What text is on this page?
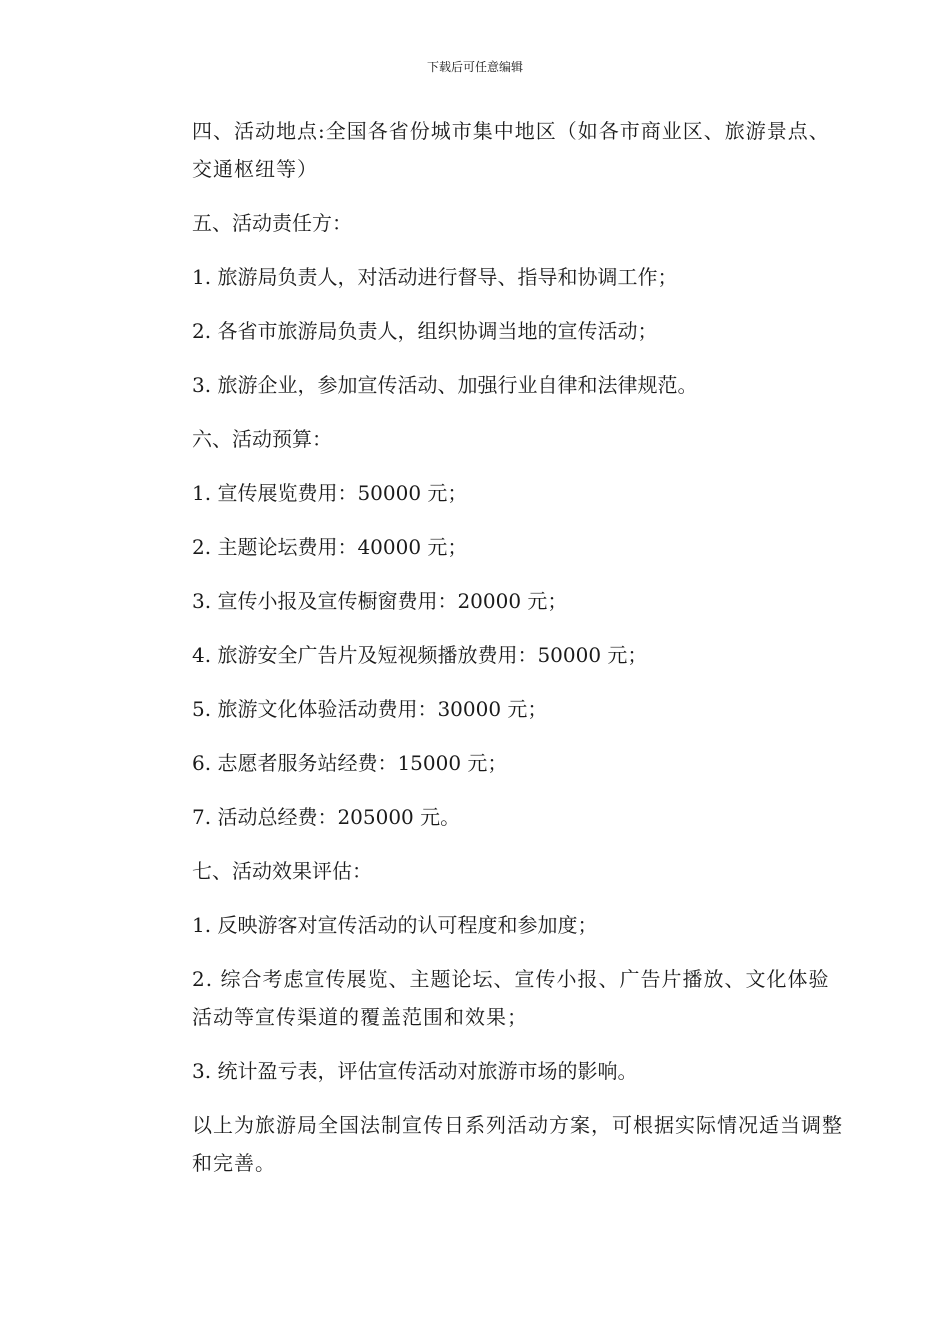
下载后可任意编辑
四、活动地点:全国各省份城市集中地区（如各市商业区、旅游景点、交通枢纽等）
五、活动责任方：
1. 旅游局负责人，对活动进行督导、指导和协调工作；
2. 各省市旅游局负责人，组织协调当地的宣传活动；
3. 旅游企业，参加宣传活动、加强行业自律和法律规范。
六、活动预算：
1. 宣传展览费用：50000 元；
2. 主题论坛费用：40000 元；
3. 宣传小报及宣传橱窗费用：20000 元；
4. 旅游安全广告片及短视频播放费用：50000 元；
5. 旅游文化体验活动费用：30000 元；
6. 志愿者服务站经费：15000 元；
7. 活动总经费：205000 元。
七、活动效果评估：
1. 反映游客对宣传活动的认可程度和参加度；
2. 综合考虑宣传展览、主题论坛、宣传小报、广告片播放、文化体验活动等宣传渠道的覆盖范围和效果；
3. 统计盈亏表，评估宣传活动对旅游市场的影响。
以上为旅游局全国法制宣传日系列活动方案，可根据实际情况适当调整和完善。
